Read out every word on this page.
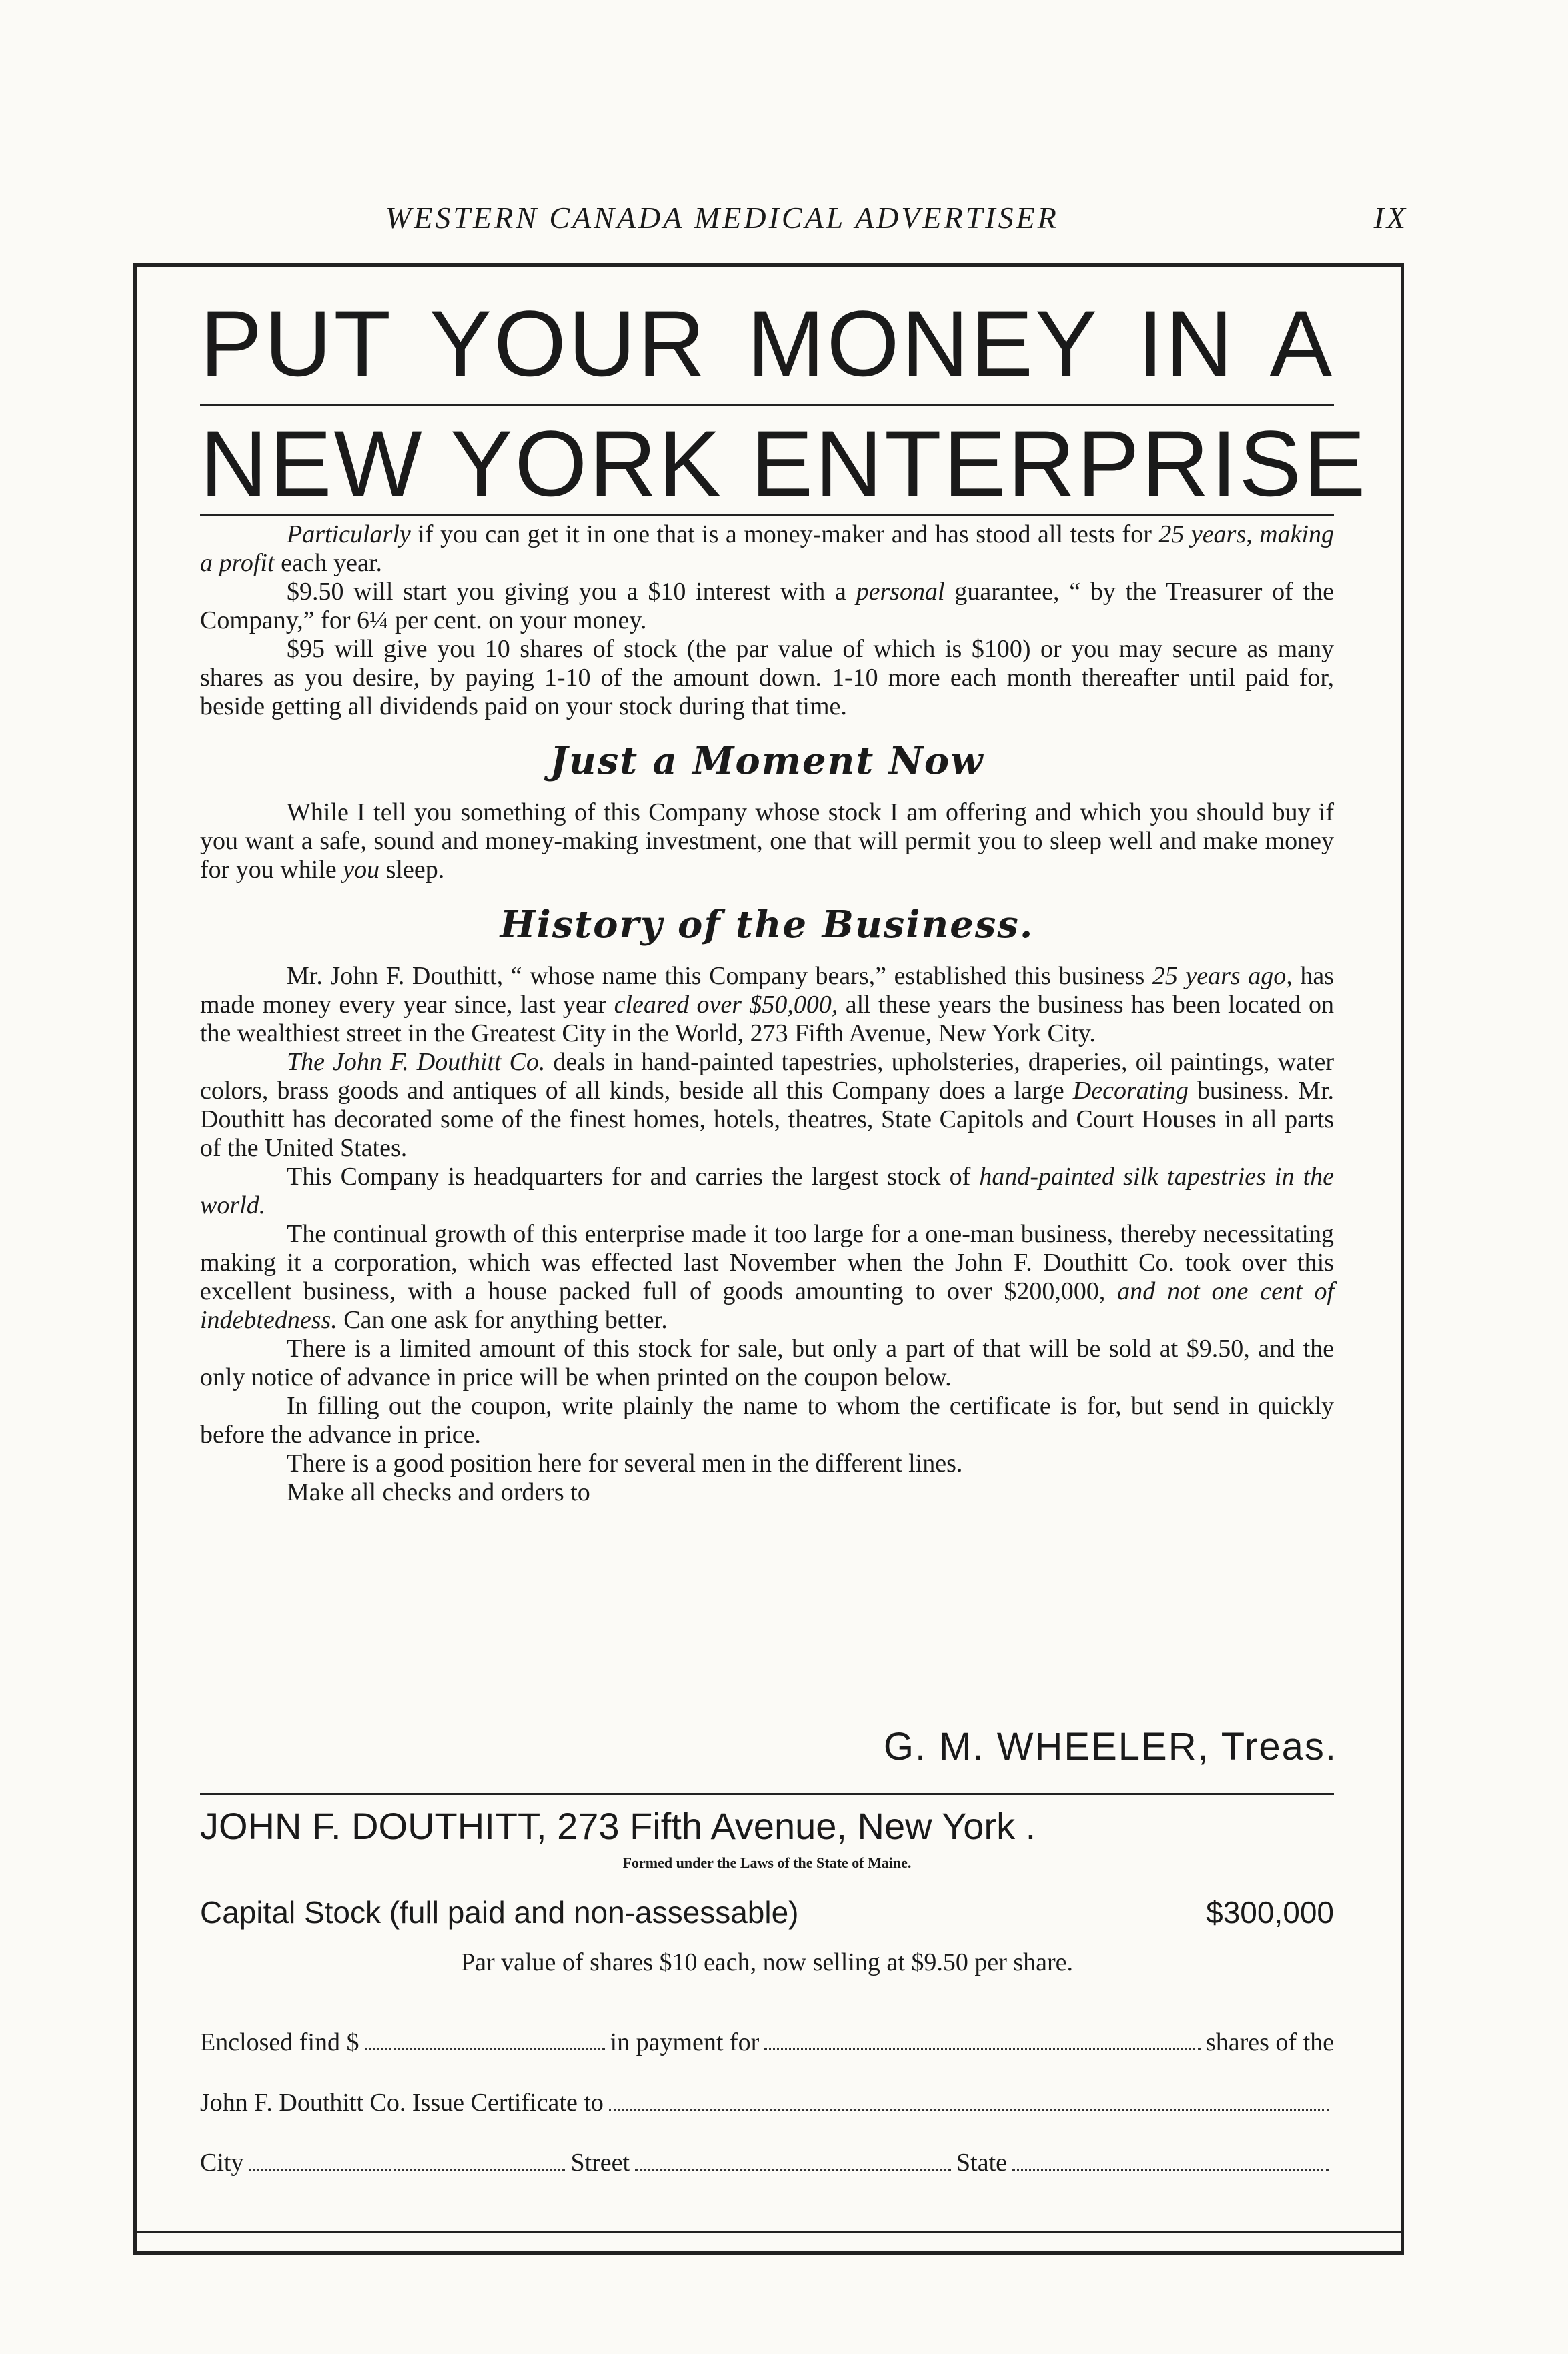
WESTERN CANADA MEDICAL ADVERTISER	IX
PUT YOUR MONEY IN A
NEW YORK ENTERPRISE

Particularly if you can get it in one that is a money-maker and has stood all tests for 25 years, making a profit each year.

$9.50 will start you giving you a $10 interest with a personal guarantee, “ by the Treasurer of the Company,” for 6¼ per cent. on your money.

$95 will give you 10 shares of stock (the par value of which is $100) or you may secure as many shares as you desire, by paying 1-10 of the amount down. 1-10 more each month thereafter until paid for, beside getting all dividends paid on your stock during that time.

Just a Moment Now

While I tell you something of this Company whose stock I am offering and which you should buy if you want a safe, sound and money-making investment, one that will permit you to sleep well and make money for you while you sleep.

History of the Business.

Mr. John F. Douthitt, “ whose name this Company bears,” established this business 25 years ago, has made money every year since, last year cleared over $50,000, all these years the business has been located on the wealthiest street in the Greatest City in the World, 273 Fifth Avenue, New York City.

The John F. Douthitt Co. deals in hand-painted tapestries, upholsteries, draperies, oil paintings, water colors, brass goods and antiques of all kinds, beside all this Company does a large Decorating business. Mr. Douthitt has decorated some of the finest homes, hotels, theatres, State Capitols and Court Houses in all parts of the United States.

This Company is headquarters for and carries the largest stock of hand-painted silk tapestries in the world.

The continual growth of this enterprise made it too large for a one-man business, thereby necessitating making it a corporation, which was effected last November when the John F. Douthitt Co. took over this excellent business, with a house packed full of goods amounting to over $200,000, and not one cent of indebtedness. Can one ask for anything better.

There is a limited amount of this stock for sale, but only a part of that will be sold at $9.50, and the only notice of advance in price will be when printed on the coupon below.

In filling out the coupon, write plainly the name to whom the certificate is for, but send in quickly before the advance in price.

There is a good position here for several men in the different lines.

Make all checks and orders to

G. M. WHEELER, Treas.
JOHN F. DOUTHITT, 273 Fifth Avenue, New York .
Formed under the Laws of the State of Maine.
Capital Stock (full paid and non-assessable)	$300,000
Par value of shares $10 each, now selling at $9.50 per share.
Enclosed find $	in payment for	shares of the
John F. Douthitt Co. Issue Certificate to
City	Street	State
